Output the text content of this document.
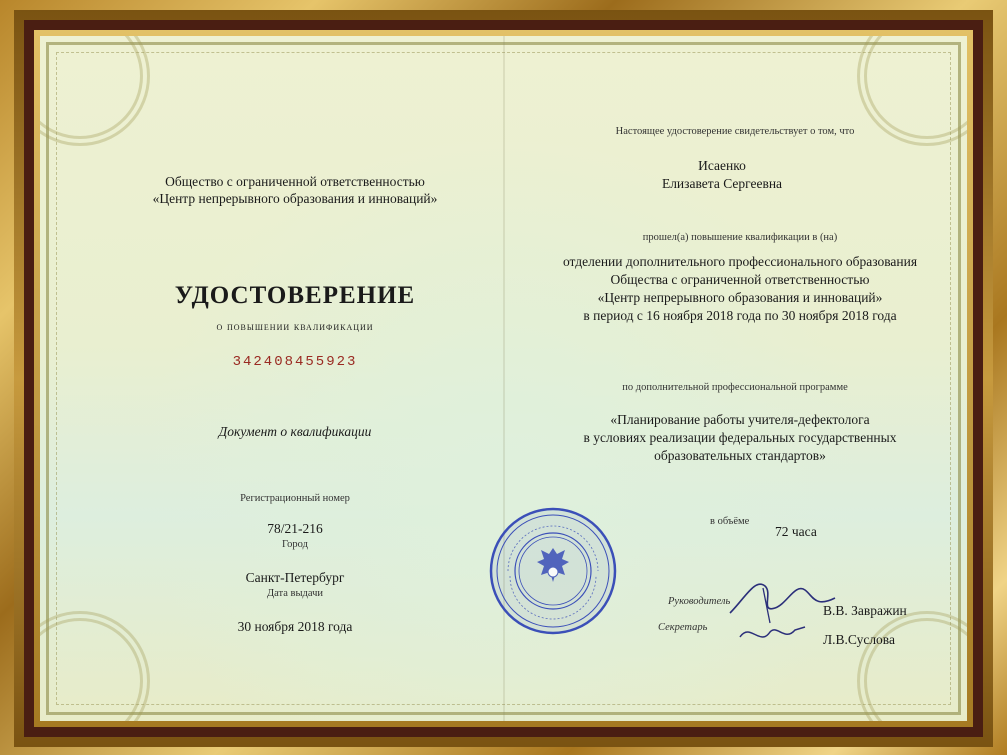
Общество с ограниченной ответственностью
«Центр непрерывного образования и инноваций»
УДОСТОВЕРЕНИЕ
о повышении квалификации
342408455923
Документ о квалификации
Регистрационный номер
78/21-216
Город
Санкт-Петербург
Дата выдачи
30 ноября 2018 года
Настоящее удостоверение свидетельствует о том, что
Исаенко
Елизавета Сергеевна
прошел(а) повышение квалификации в (на)
отделении дополнительного профессионального образования
Общества с ограниченной ответственностью
«Центр непрерывного образования и инноваций»
в период с 16 ноября 2018 года по 30 ноября 2018 года
по дополнительной профессиональной программе
«Планирование работы учителя-дефектолога
в условиях реализации федеральных государственных
образовательных стандартов»
в объёме
72 часа
Руководитель
В.В. Завражин
Секретарь
Л.В.Суслова
